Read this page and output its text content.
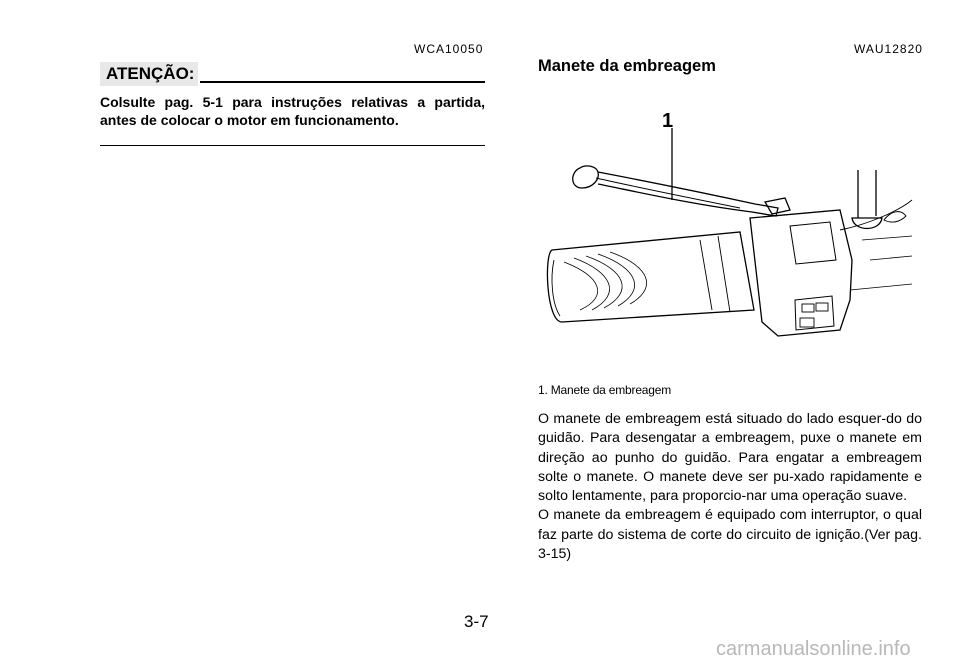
WCA10050
ATENÇÃO:
Colsulte pag. 5-1 para instruções relativas a partida, antes de colocar o motor em funcionamento.
WAU12820
Manete da embreagem
1
1. Manete da embreagem

O manete de embreagem está situado do lado esquer-do do guidão. Para desengatar a embreagem, puxe o manete em direção ao punho do guidão. Para engatar a embreagem solte o manete. O manete deve ser pu-xado rapidamente e solto lentamente, para proporcio-nar uma operação suave.

O manete da embreagem é equipado com interruptor, o qual faz parte do sistema de corte do circuito de ignição.(Ver pag. 3-15)

3-7
carmanualsonline.info
